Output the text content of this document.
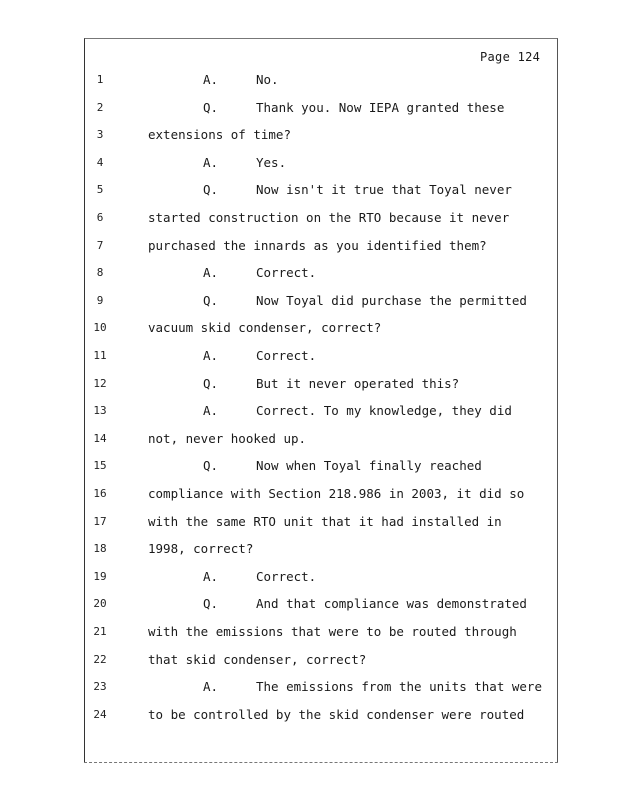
Page 124
1	A.	No.
2	Q.	Thank you. Now IEPA granted these
3	extensions of time?
4	A.	Yes.
5	Q.	Now isn't it true that Toyal never
6	started construction on the RTO because it never
7	purchased the innards as you identified them?
8	A.	Correct.
9	Q.	Now Toyal did purchase the permitted
10	vacuum skid condenser, correct?
11	A.	Correct.
12	Q.	But it never operated this?
13	A.	Correct. To my knowledge, they did
14	not, never hooked up.
15	Q.	Now when Toyal finally reached
16	compliance with Section 218.986 in 2003, it did so
17	with the same RTO unit that it had installed in
18	1998, correct?
19	A.	Correct.
20	Q.	And that compliance was demonstrated
21	with the emissions that were to be routed through
22	that skid condenser, correct?
23	A.	The emissions from the units that were
24	to be controlled by the skid condenser were routed
